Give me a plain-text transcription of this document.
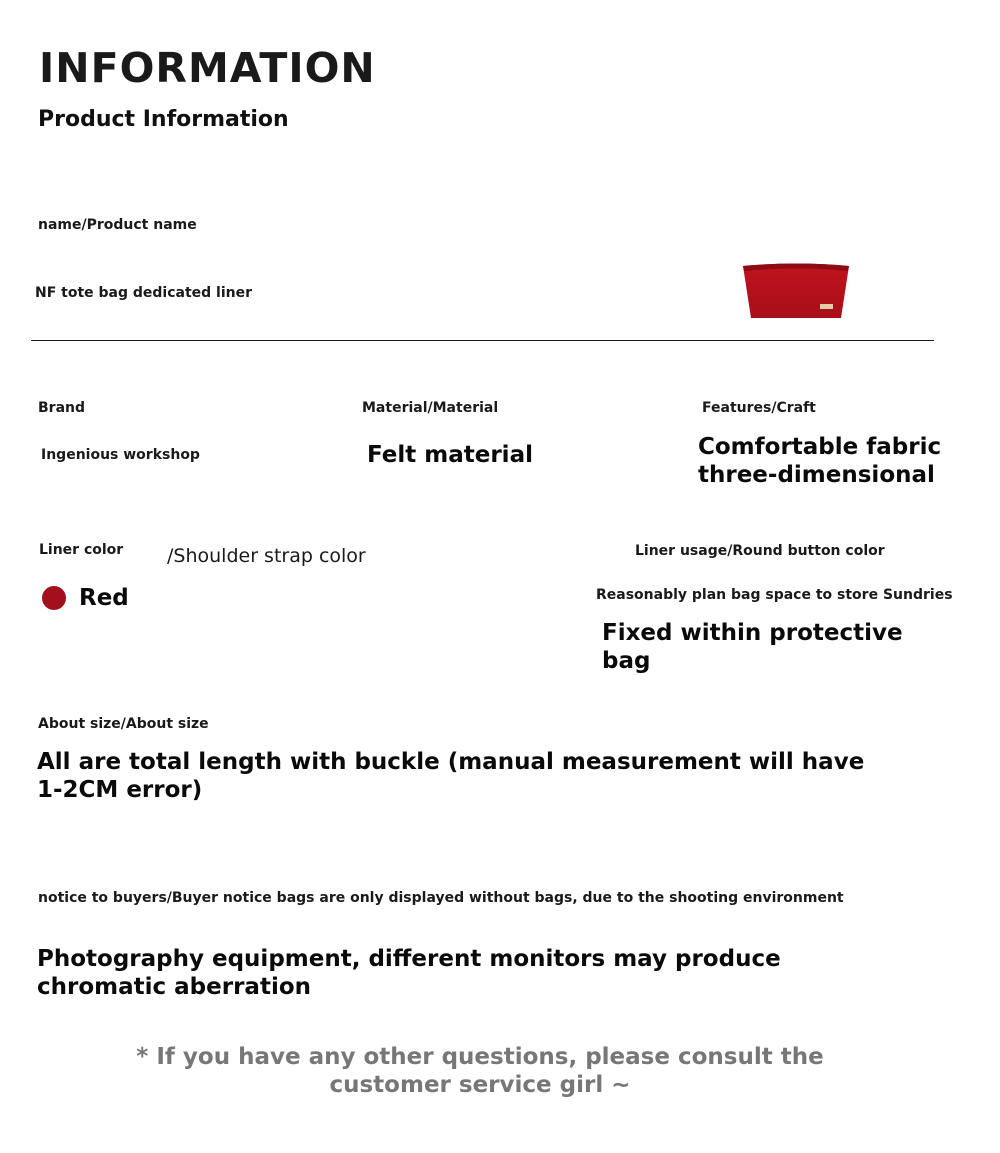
INFORMATION
Product Information
name/Product name
NF tote bag dedicated liner
Brand
Ingenious workshop
Material/Material
Felt material
Features/Craft
Comfortable fabric
three-dimensional
Liner color /Shoulder strap color
Red
Liner usage/Round button color
Reasonably plan bag space to store Sundries
Fixed within protective
bag
About size/About size
All are total length with buckle (manual measurement will have
1-2CM error)
notice to buyers/Buyer notice bags are only displayed without bags, due to the shooting environment
Photography equipment, different monitors may produce
chromatic aberration
* If you have any other questions, please consult the
customer service girl ~
